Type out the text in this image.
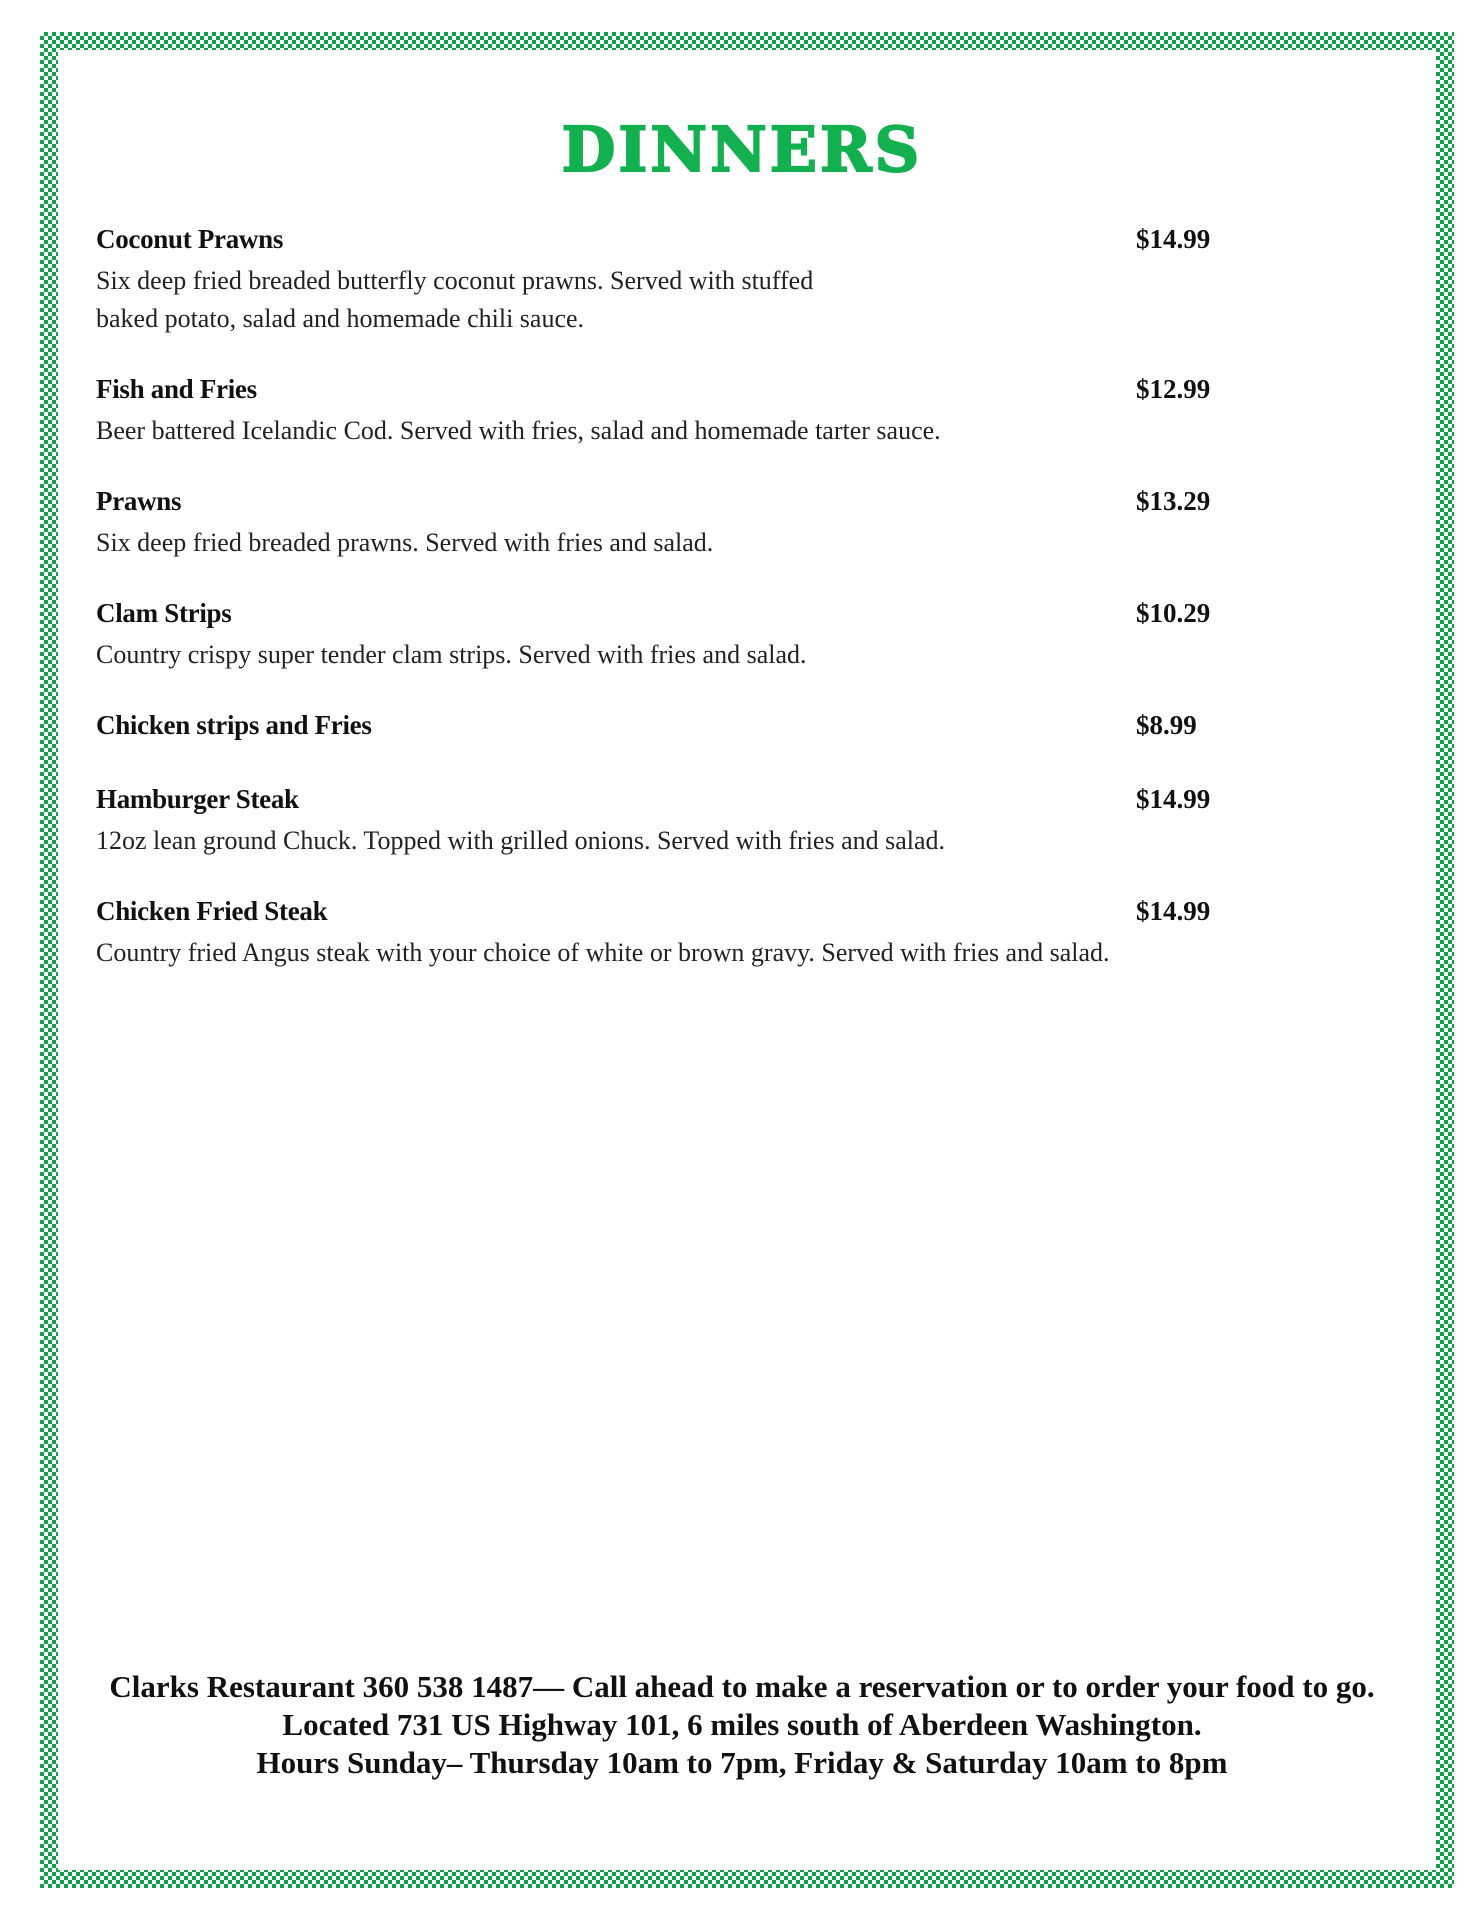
DINNERS
Coconut Prawns	$14.99
Six deep fried breaded butterfly coconut prawns. Served with stuffed
baked potato, salad and homemade chili sauce.
Fish and Fries	$12.99
Beer battered Icelandic Cod. Served with fries, salad and homemade tarter sauce.
Prawns	$13.29
Six deep fried breaded prawns. Served with fries and salad.
Clam Strips	$10.29
Country crispy super tender clam strips. Served with fries and salad.
Chicken strips and Fries	$8.99
Hamburger Steak	$14.99
12oz lean ground Chuck. Topped with grilled onions. Served with fries and salad.
Chicken Fried Steak	$14.99
Country fried Angus steak with your choice of white or brown gravy. Served with fries and salad.
Clarks Restaurant 360 538 1487— Call ahead to make a reservation or to order your food to go.
Located 731 US Highway 101, 6 miles south of Aberdeen Washington.
Hours Sunday– Thursday 10am to 7pm, Friday & Saturday 10am to 8pm
